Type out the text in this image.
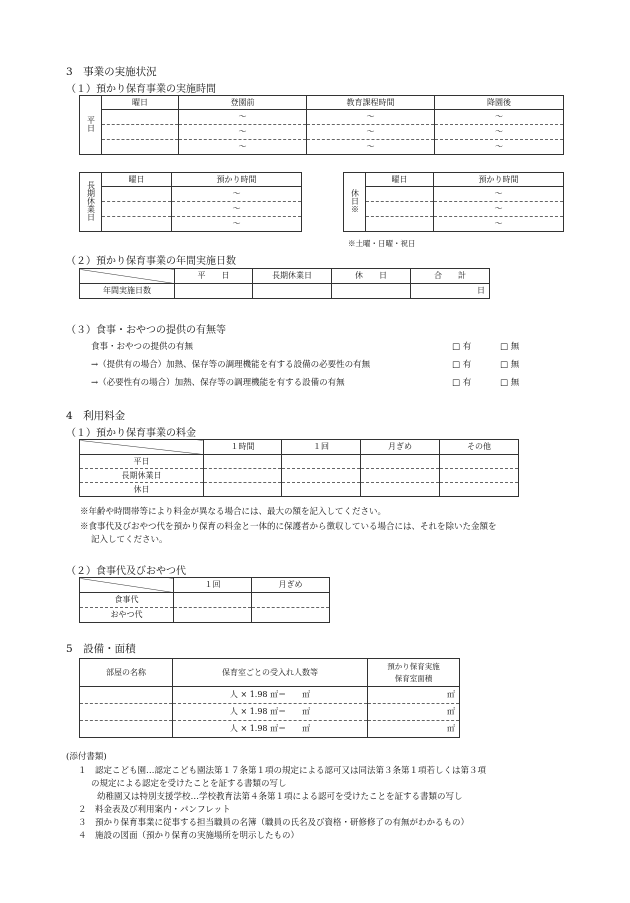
3　事業の実施状況
（１）預かり保育事業の実施時間
平日	曜日	登園前	教育課程時間	降園後
		～	～	～
		～	～	～
		～	～	～
長期休業日	曜日	預かり時間
		～
		～
		～
休日※	曜日	預かり時間
		～
		～
		～
※土曜・日曜・祝日
（２）預かり保育事業の年間実施日数
	平　　日	長期休業日	休　　日	合　　計
年間実施日数				日
（３）食事・おやつの提供の有無等
食事・おやつの提供の有無	□ 有	□ 無
→（提供有の場合）加熱、保存等の調理機能を有する設備の必要性の有無	□ 有	□ 無
→（必要性有の場合）加熱、保存等の調理機能を有する設備の有無	□ 有	□ 無
4　利用料金
（１）預かり保育事業の料金
	１時間	１回	月ぎめ	その他
平日				
長期休業日				
休日				
※年齢や時間帯等により料金が異なる場合には、最大の額を記入してください。
※食事代及びおやつ代を預かり保育の料金と一体的に保護者から徴収している場合には、それを除いた金額を
記入してください。
（２）食事代及びおやつ代
	１回	月ぎめ
食事代		
おやつ代		
5　設備・面積
部屋の名称	保育室ごとの受入れ人数等	預かり保育実施
保育室面積

	人 × 1.98 ㎡＝　　㎡	㎡
	人 × 1.98 ㎡＝　　㎡	㎡
	人 × 1.98 ㎡＝　　㎡	㎡
(添付書類)
１　認定こども園…認定こども園法第１７条第１項の規定による認可又は同法第３条第１項若しくは第３項
の規定による認定を受けたことを証する書類の写し
幼稚園又は特別支援学校…学校教育法第４条第１項による認可を受けたことを証する書類の写し
２　料金表及び利用案内・パンフレット
３　預かり保育事業に従事する担当職員の名簿（職員の氏名及び資格・研修修了の有無がわかるもの）
４　施設の図面（預かり保育の実施場所を明示したもの）
